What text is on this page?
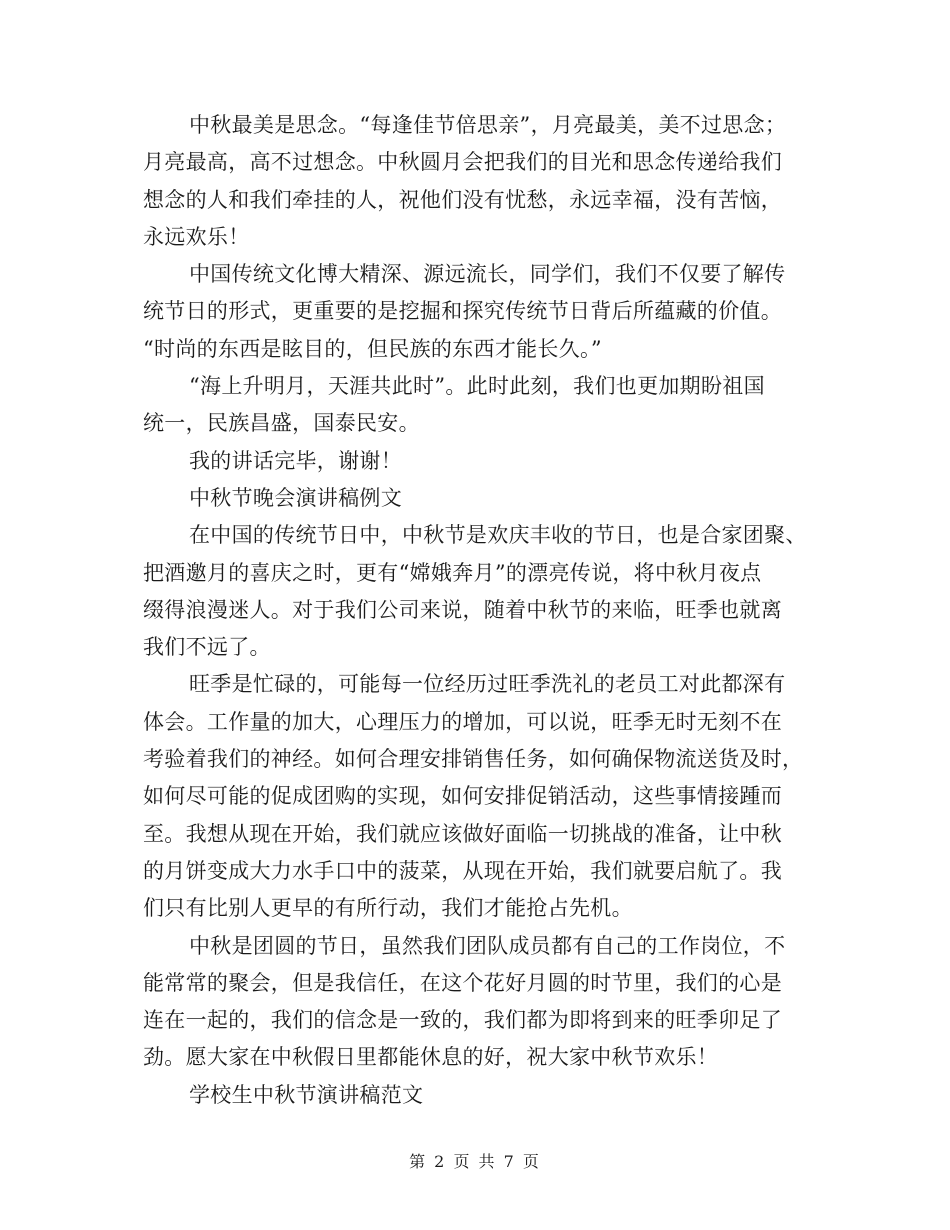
中秋最美是思念。“每逢佳节倍思亲”，月亮最美，美不过思念；
月亮最高，高不过想念。中秋圆月会把我们的目光和思念传递给我们
想念的人和我们牵挂的人，祝他们没有忧愁，永远幸福，没有苦恼，
永远欢乐！
中国传统文化博大精深、源远流长，同学们，我们不仅要了解传
统节日的形式，更重要的是挖掘和探究传统节日背后所蕴藏的价值。
“时尚的东西是眩目的，但民族的东西才能长久。”
“海上升明月，天涯共此时”。此时此刻，我们也更加期盼祖国
统一，民族昌盛，国泰民安。
我的讲话完毕，谢谢！
中秋节晚会演讲稿例文
在中国的传统节日中，中秋节是欢庆丰收的节日，也是合家团聚、
把酒邀月的喜庆之时，更有“嫦娥奔月”的漂亮传说，将中秋月夜点
缀得浪漫迷人。对于我们公司来说，随着中秋节的来临，旺季也就离
我们不远了。
旺季是忙碌的，可能每一位经历过旺季洗礼的老员工对此都深有
体会。工作量的加大，心理压力的增加，可以说，旺季无时无刻不在
考验着我们的神经。如何合理安排销售任务，如何确保物流送货及时，
如何尽可能的促成团购的实现，如何安排促销活动，这些事情接踵而
至。我想从现在开始，我们就应该做好面临一切挑战的准备，让中秋
的月饼变成大力水手口中的菠菜，从现在开始，我们就要启航了。我
们只有比别人更早的有所行动，我们才能抢占先机。
中秋是团圆的节日，虽然我们团队成员都有自己的工作岗位，不
能常常的聚会，但是我信任，在这个花好月圆的时节里，我们的心是
连在一起的，我们的信念是一致的，我们都为即将到来的旺季卯足了
劲。愿大家在中秋假日里都能休息的好，祝大家中秋节欢乐！
学校生中秋节演讲稿范文
第 2 页 共 7 页
